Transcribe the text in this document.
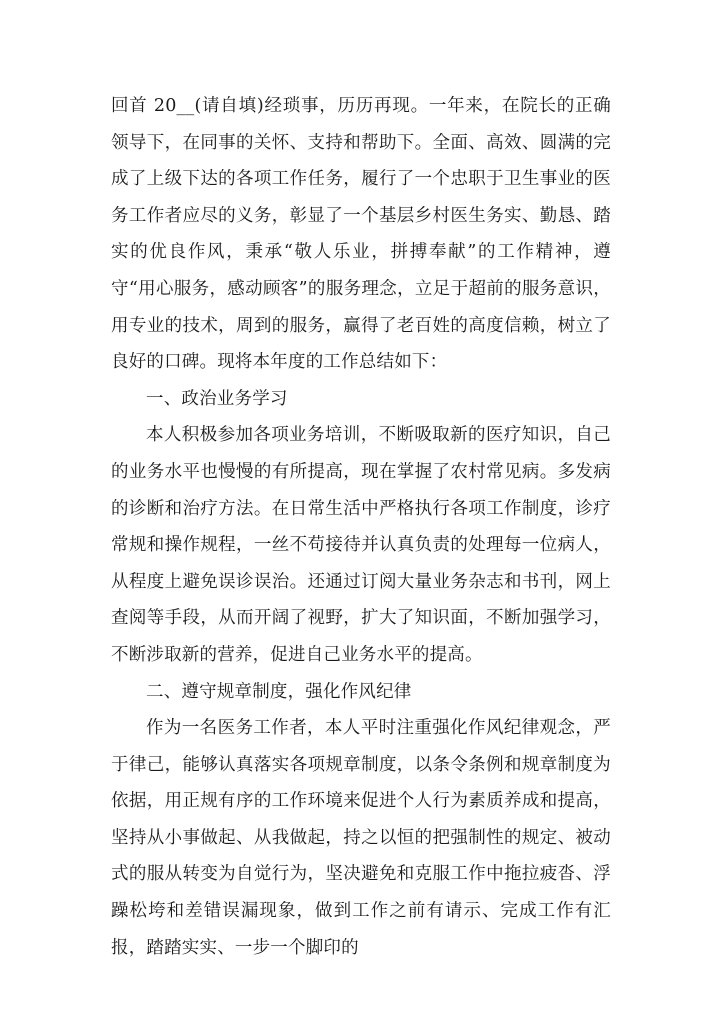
回首 20__(请自填)经琐事，历历再现。一年来，在院长的正确领导下，在同事的关怀、支持和帮助下。全面、高效、圆满的完成了上级下达的各项工作任务，履行了一个忠职于卫生事业的医务工作者应尽的义务，彰显了一个基层乡村医生务实、勤恳、踏实的优良作风，秉承“敬人乐业，拼搏奉献”的工作精神，遵守“用心服务，感动顾客”的服务理念，立足于超前的服务意识，用专业的技术，周到的服务，赢得了老百姓的高度信赖，树立了良好的口碑。现将本年度的工作总结如下：

一、政治业务学习

本人积极参加各项业务培训，不断吸取新的医疗知识，自己的业务水平也慢慢的有所提高，现在掌握了农村常见病。多发病的诊断和治疗方法。在日常生活中严格执行各项工作制度，诊疗常规和操作规程，一丝不苟接待并认真负责的处理每一位病人，从程度上避免误诊误治。还通过订阅大量业务杂志和书刊，网上查阅等手段，从而开阔了视野，扩大了知识面，不断加强学习，不断涉取新的营养，促进自己业务水平的提高。

二、遵守规章制度，强化作风纪律

作为一名医务工作者，本人平时注重强化作风纪律观念，严于律己，能够认真落实各项规章制度，以条令条例和规章制度为依据，用正规有序的工作环境来促进个人行为素质养成和提高，坚持从小事做起、从我做起，持之以恒的把强制性的规定、被动式的服从转变为自觉行为，坚决避免和克服工作中拖拉疲沓、浮躁松垮和差错误漏现象，做到工作之前有请示、完成工作有汇报，踏踏实实、一步一个脚印的
